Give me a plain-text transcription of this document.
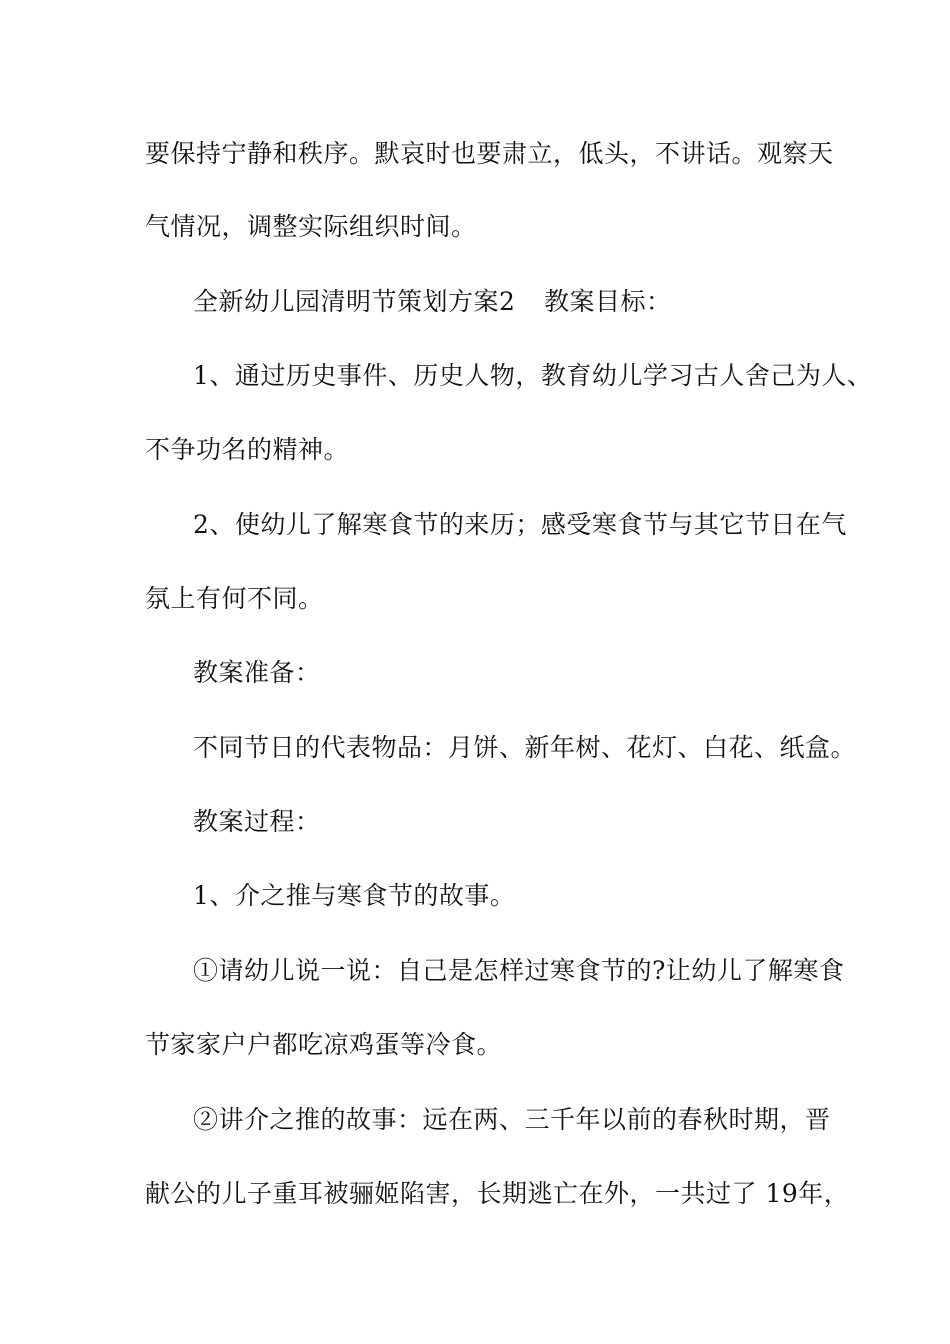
要保持宁静和秩序。默哀时也要肃立，低头，不讲话。观察天
气情况，调整实际组织时间。
全新幼儿园清明节策划方案2	教案目标：
1、通过历史事件、历史人物，教育幼儿学习古人舍己为人、
不争功名的精神。
2、使幼儿了解寒食节的来历；感受寒食节与其它节日在气
氛上有何不同。
教案准备：
不同节日的代表物品：月饼、新年树、花灯、白花、纸盒。
教案过程：
1、介之推与寒食节的故事。
①请幼儿说一说：自己是怎样过寒食节的?让幼儿了解寒食
节家家户户都吃凉鸡蛋等冷食。
②讲介之推的故事：远在两、三千年以前的春秋时期，晋
献公的儿子重耳被骊姬陷害，长期逃亡在外，一共过了 19年，
